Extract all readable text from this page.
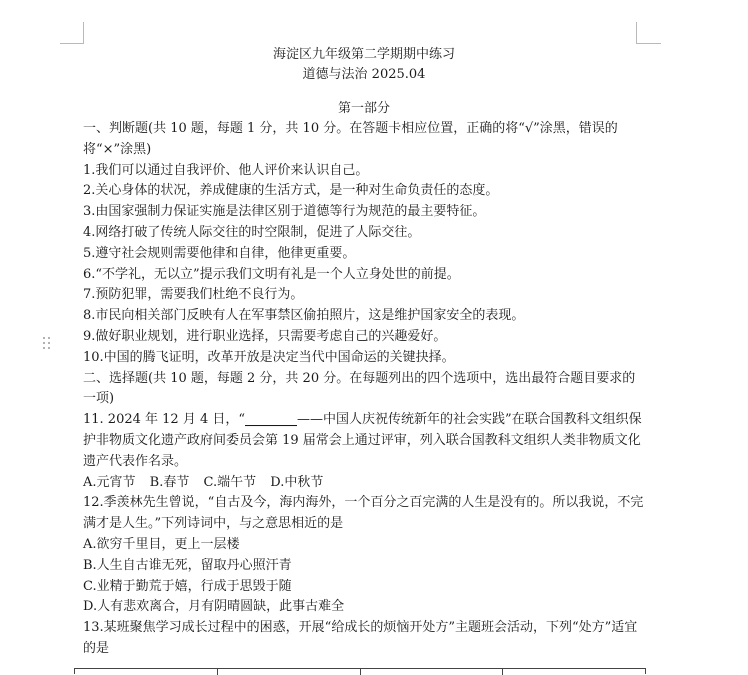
海淀区九年级第二学期期中练习
道德与法治 2025.04
第一部分

一、判断题(共 10 题，每题 1 分，共 10 分。在答题卡相应位置，正确的将“√”涂黑，错误的将“×”涂黑)

1.我们可以通过自我评价、他人评价来认识自己。

2.关心身体的状况，养成健康的生活方式，是一种对生命负责任的态度。

3.由国家强制力保证实施是法律区别于道德等行为规范的最主要特征。

4.网络打破了传统人际交往的时空限制，促进了人际交往。

5.遵守社会规则需要他律和自律，他律更重要。

6.“不学礼，无以立”提示我们文明有礼是一个人立身处世的前提。

7.预防犯罪，需要我们杜绝不良行为。

8.市民向相关部门反映有人在军事禁区偷拍照片，这是维护国家安全的表现。

9.做好职业规划，进行职业选择，只需要考虑自己的兴趣爱好。

10.中国的腾飞证明，改革开放是决定当代中国命运的关键抉择。

二、选择题(共 10 题，每题 2 分，共 20 分。在每题列出的四个选项中，选出最符合题目要求的一项)

11. 2024 年 12 月 4 日，“________——中国人庆祝传统新年的社会实践”在联合国教科文组织保护非物质文化遗产政府间委员会第 19 届常会上通过评审，列入联合国教科文组织人类非物质文化遗产代表作名录。

A.元宵节 B.春节 C.端午节 D.中秋节

12.季羡林先生曾说，“自古及今，海内海外，一个百分之百完满的人生是没有的。所以我说，不完满才是人生。”下列诗词中，与之意思相近的是

A.欲穷千里目，更上一层楼

B.人生自古谁无死，留取丹心照汗青

C.业精于勤荒于嬉，行成于思毁于随

D.人有悲欢离合，月有阴晴圆缺，此事古难全

13.某班聚焦学习成长过程中的困惑，开展“给成长的烦恼开处方”主题班会活动，下列“处方”适宜的是
